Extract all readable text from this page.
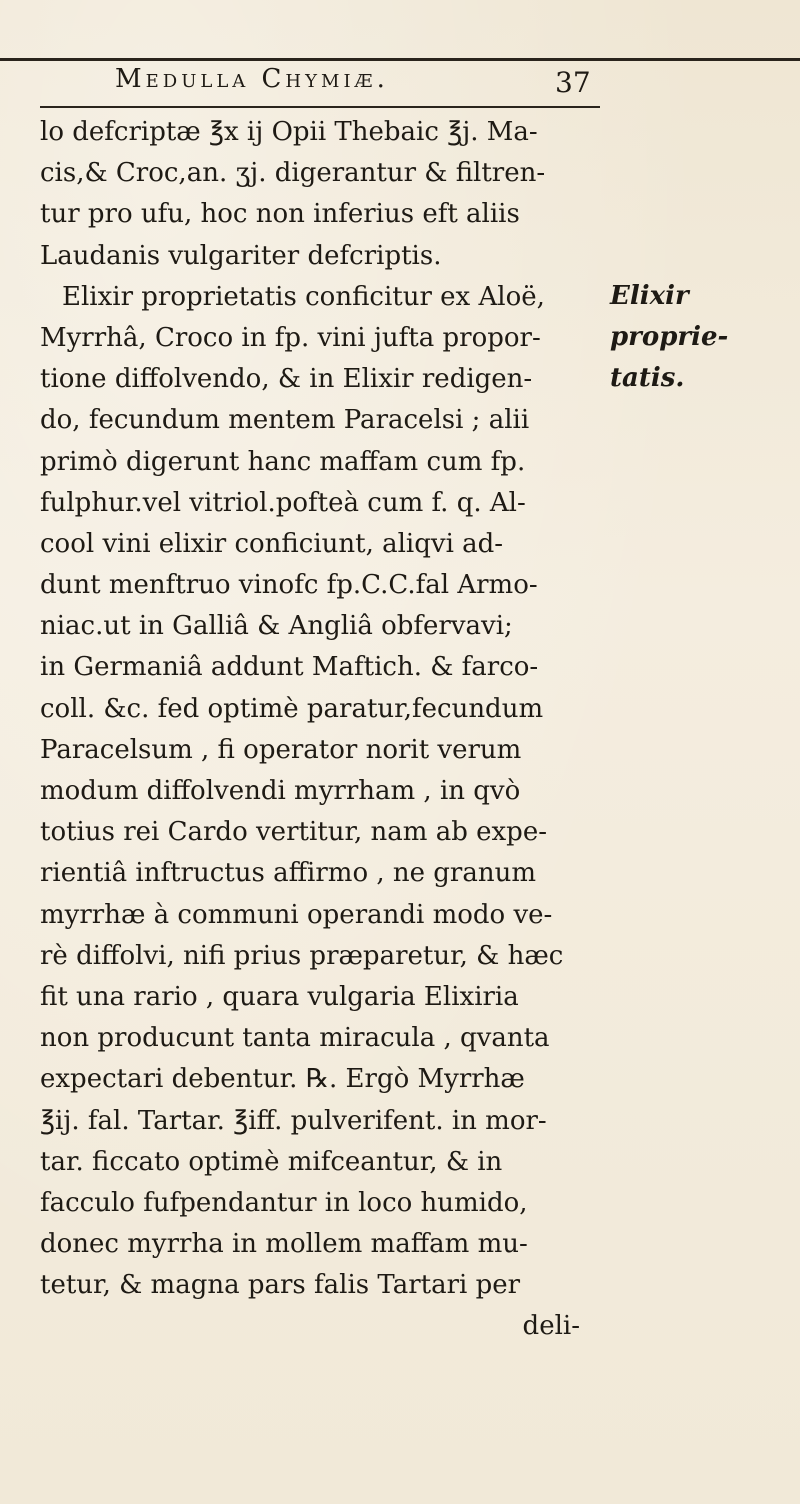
Medulla Chymiæ.	37
lo defcriptæ ℥x ij Opii Thebaic ℥j. Ma-
cis,& Croc,an. ʒj. digerantur & filtren-
tur pro ufu, hoc non inferius eft aliis
Laudanis vulgariter defcriptis.
Elixir proprietatis conficitur ex Aloë,
Myrrhâ, Croco in fp. vini jufta propor-
tione diffolvendo, & in Elixir redigen-
do, fecundum mentem Paracelsi ; alii
primò digerunt hanc maffam cum fp.
fulphur.vel vitriol.pofteà cum f. q. Al-
cool vini elixir conficiunt, aliqvi ad-
dunt menftruo vinofc fp.C.C.fal Armo-
niac.ut in Galliâ & Angliâ obfervavi;
in Germaniâ addunt Maftich. & farco-
coll. &c. fed optimè paratur,fecundum
Paracelsum , fi operator norit verum
modum diffolvendi myrrham , in qvò
totius rei Cardo vertitur, nam ab expe-
rientiâ inftructus affirmo , ne granum
myrrhæ à communi operandi modo ve-
rè diffolvi, nifi prius præparetur, & hæc
fit una rario , quara vulgaria Elixiria
non producunt tanta miracula , qvanta
expectari debentur. ℞. Ergò Myrrhæ
℥ij. fal. Tartar. ℥iff. pulverifent. in mor-
tar. ficcato optimè mifceantur, & in
facculo fufpendantur in loco humido,
donec myrrha in mollem maffam mu-
tetur, & magna pars falis Tartari per
deli-
Elixir
proprie-
tatis.
